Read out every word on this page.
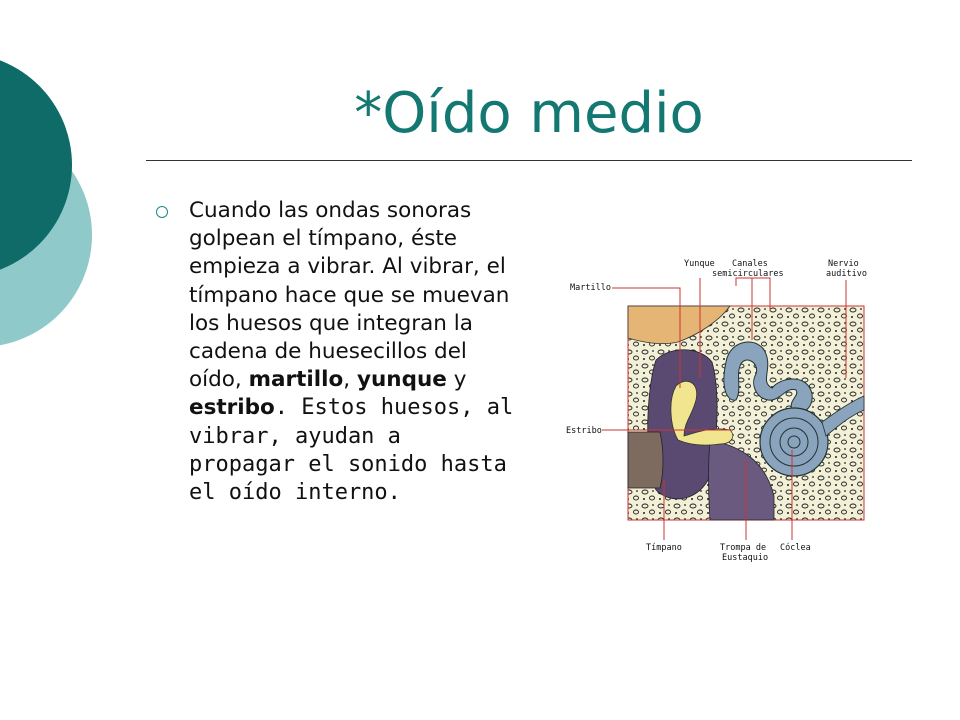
*Oído medio
Cuando las ondas sonoras golpean el tímpano, éste empieza a vibrar. Al vibrar, el tímpano hace que se muevan los huesos que integran la cadena de huesecillos del oído, martillo, yunque y estribo. Estos huesos, al vibrar, ayudan a propagar el sonido hasta el oído interno.
Martillo
Yunque Canales
semicirculares
Nervio
auditivo
Estribo
Tímpano	Trompa de
Eustaquio
Cóclea
